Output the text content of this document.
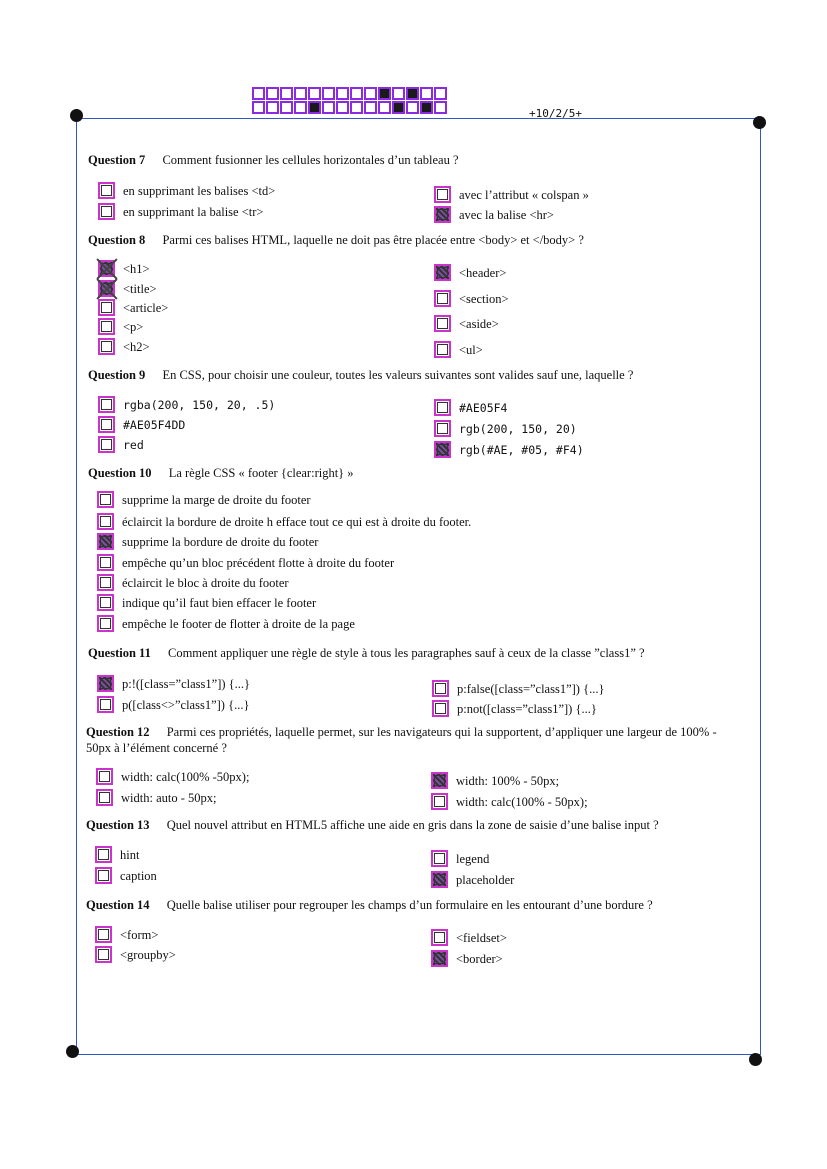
+10/2/5+
Question 7 Comment fusionner les cellules horizontales d’un tableau ?
en supprimant les balises <td>
en supprimant la balise <tr>
avec l’attribut « colspan »
avec la balise <hr>
Question 8 Parmi ces balises HTML, laquelle ne doit pas être placée entre <body> et </body> ?
<h1>
<title>
<article>
<p>
<h2>
<header>
<section>
<aside>
<ul>
Question 9 En CSS, pour choisir une couleur, toutes les valeurs suivantes sont valides sauf une, laquelle ?
rgba(200, 150, 20, .5)
#AE05F4DD
red
#AE05F4
rgb(200, 150, 20)
rgb(#AE, #05, #F4)
Question 10 La règle CSS « footer {clear:right} »
supprime la marge de droite du footer
éclaircit la bordure de droite h efface tout ce qui est à droite du footer.
supprime la bordure de droite du footer
empêche qu’un bloc précédent flotte à droite du footer
éclaircit le bloc à droite du footer
indique qu’il faut bien effacer le footer
empêche le footer de flotter à droite de la page
Question 11 Comment appliquer une règle de style à tous les paragraphes sauf à ceux de la classe ”class1” ?
p:!([class=”class1”]) {...}
p([class<>”class1”]) {...}
p:false([class=”class1”]) {...}
p:not([class=”class1”]) {...}
Question 12 Parmi ces propriétés, laquelle permet, sur les navigateurs qui la supportent, d’appliquer une largeur de 100% -
50px à l’élément concerné ?
width: calc(100% -50px);
width: auto - 50px;
width: 100% - 50px;
width: calc(100% - 50px);
Question 13 Quel nouvel attribut en HTML5 affiche une aide en gris dans la zone de saisie d’une balise input ?
hint
caption
legend
placeholder
Question 14 Quelle balise utiliser pour regrouper les champs d’un formulaire en les entourant d’une bordure ?
<form>
<groupby>
<fieldset>
<border>
